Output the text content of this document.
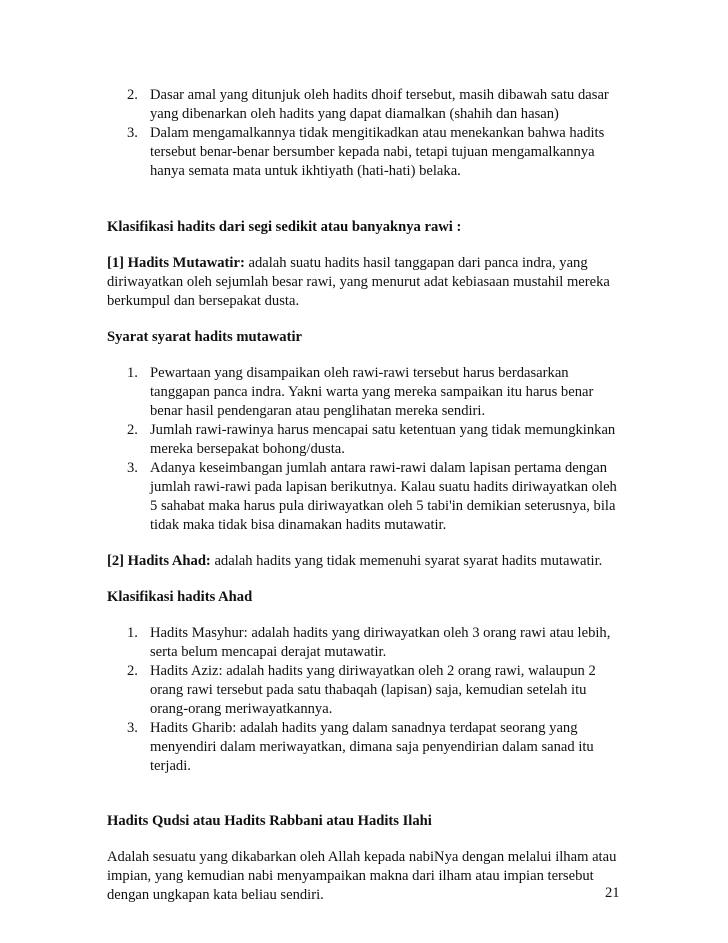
2. Dasar amal yang ditunjuk oleh hadits dhoif tersebut, masih dibawah satu dasar yang dibenarkan oleh hadits yang dapat diamalkan (shahih dan hasan)
3. Dalam mengamalkannya tidak mengitikadkan atau menekankan bahwa hadits tersebut benar-benar bersumber kepada nabi, tetapi tujuan mengamalkannya hanya semata mata untuk ikhtiyath (hati-hati) belaka.

Klasifikasi hadits dari segi sedikit atau banyaknya rawi :

[1] Hadits Mutawatir: adalah suatu hadits hasil tanggapan dari panca indra, yang diriwayatkan oleh sejumlah besar rawi, yang menurut adat kebiasaan mustahil mereka berkumpul dan bersepakat dusta.

Syarat syarat hadits mutawatir

1. Pewartaan yang disampaikan oleh rawi-rawi tersebut harus berdasarkan tanggapan panca indra. Yakni warta yang mereka sampaikan itu harus benar benar hasil pendengaran atau penglihatan mereka sendiri.
2. Jumlah rawi-rawinya harus mencapai satu ketentuan yang tidak memungkinkan mereka bersepakat bohong/dusta.
3. Adanya keseimbangan jumlah antara rawi-rawi dalam lapisan pertama dengan jumlah rawi-rawi pada lapisan berikutnya. Kalau suatu hadits diriwayatkan oleh 5 sahabat maka harus pula diriwayatkan oleh 5 tabi'in demikian seterusnya, bila tidak maka tidak bisa dinamakan hadits mutawatir.

[2] Hadits Ahad: adalah hadits yang tidak memenuhi syarat syarat hadits mutawatir.

Klasifikasi hadits Ahad

1. Hadits Masyhur: adalah hadits yang diriwayatkan oleh 3 orang rawi atau lebih, serta belum mencapai derajat mutawatir.
2. Hadits Aziz: adalah hadits yang diriwayatkan oleh 2 orang rawi, walaupun 2 orang rawi tersebut pada satu thabaqah (lapisan) saja, kemudian setelah itu orang-orang meriwayatkannya.
3. Hadits Gharib: adalah hadits yang dalam sanadnya terdapat seorang yang menyendiri dalam meriwayatkan, dimana saja penyendirian dalam sanad itu terjadi.

Hadits Qudsi atau Hadits Rabbani atau Hadits Ilahi

Adalah sesuatu yang dikabarkan oleh Allah kepada nabiNya dengan melalui ilham atau impian, yang kemudian nabi menyampaikan makna dari ilham atau impian tersebut dengan ungkapan kata beliau sendiri.	21
